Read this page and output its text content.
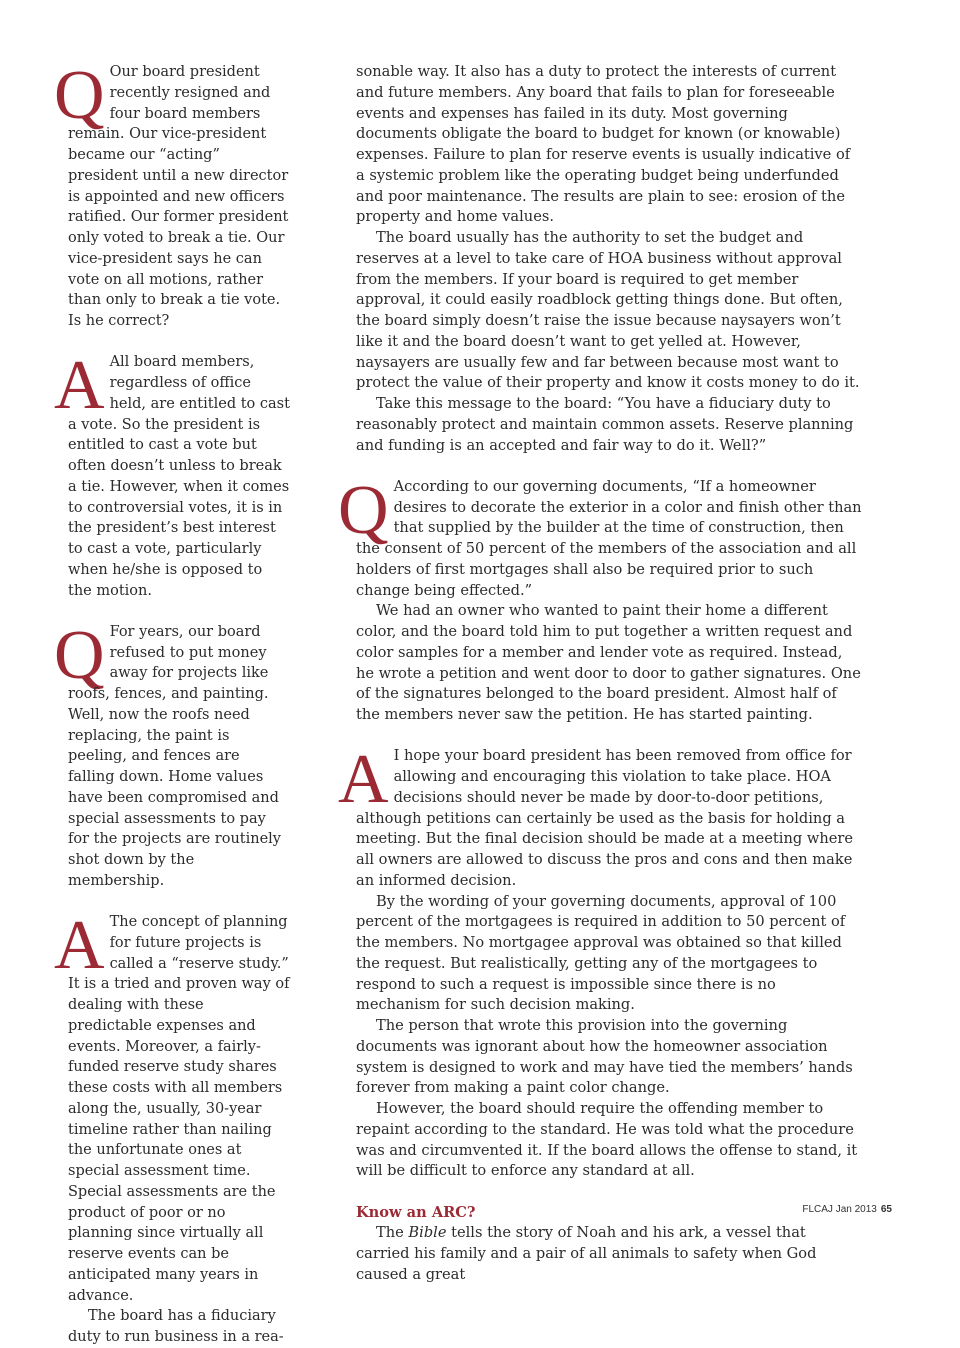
Q Our board president recently resigned and four board members remain. Our vice-president became our “acting” president until a new director is appointed and new officers ratified. Our former president only voted to break a tie. Our vice-president says he can vote on all motions, rather than only to break a tie vote. Is he correct?

A All board members, regardless of office held, are entitled to cast a vote. So the president is entitled to cast a vote but often doesn’t unless to break a tie. However, when it comes to controversial votes, it is in the president’s best interest to cast a vote, particularly when he/she is opposed to the motion.

Q For years, our board refused to put money away for projects like roofs, fences, and painting. Well, now the roofs need replacing, the paint is peeling, and fences are falling down. Home values have been compromised and special assessments to pay for the projects are routinely shot down by the membership.

A The concept of planning for future projects is called a “reserve study.” It is a tried and proven way of dealing with these predictable expenses and events. Moreover, a fairly-funded reserve study shares these costs with all members along the, usually, 30-year timeline rather than nailing the unfortunate ones at special assessment time. Special assessments are the product of poor or no planning since virtually all reserve events can be anticipated many years in advance.

The board has a fiduciary duty to run business in a rea-

sonable way. It also has a duty to protect the interests of current and future members. Any board that fails to plan for foreseeable events and expenses has failed in its duty. Most governing documents obligate the board to budget for known (or knowable) expenses. Failure to plan for reserve events is usually indicative of a systemic problem like the operating budget being underfunded and poor maintenance. The results are plain to see: erosion of the property and home values.

The board usually has the authority to set the budget and reserves at a level to take care of HOA business without approval from the members. If your board is required to get member approval, it could easily roadblock getting things done. But often, the board simply doesn’t raise the issue because naysayers won’t like it and the board doesn’t want to get yelled at. However, naysayers are usually few and far between because most want to protect the value of their property and know it costs money to do it.

Take this message to the board: “You have a fiduciary duty to reasonably protect and maintain common assets. Reserve planning and funding is an accepted and fair way to do it. Well?”

Q According to our governing documents, “If a homeowner desires to decorate the exterior in a color and finish other than that supplied by the builder at the time of construction, then the consent of 50 percent of the members of the association and all holders of first mortgages shall also be required prior to such change being effected.”

We had an owner who wanted to paint their home a different color, and the board told him to put together a written request and color samples for a member and lender vote as required. Instead, he wrote a petition and went door to door to gather signatures. One of the signatures belonged to the board president. Almost half of the members never saw the petition. He has started painting.

A I hope your board president has been removed from office for allowing and encouraging this violation to take place. HOA decisions should never be made by door-to-door petitions, although petitions can certainly be used as the basis for holding a meeting. But the final decision should be made at a meeting where all owners are allowed to discuss the pros and cons and then make an informed decision.

By the wording of your governing documents, approval of 100 percent of the mortgagees is required in addition to 50 percent of the members. No mortgagee approval was obtained so that killed the request. But realistically, getting any of the mortgagees to respond to such a request is impossible since there is no mechanism for such decision making.

The person that wrote this provision into the governing documents was ignorant about how the homeowner association system is designed to work and may have tied the members’ hands forever from making a paint color change.

However, the board should require the offending member to repaint according to the standard. He was told what the procedure was and circumvented it. If the board allows the offense to stand, it will be difficult to enforce any standard at all.

Know an ARC?

The Bible tells the story of Noah and his ark, a vessel that carried his family and a pair of all animals to safety when God caused a great

FLCAJ Jan 2013 65
